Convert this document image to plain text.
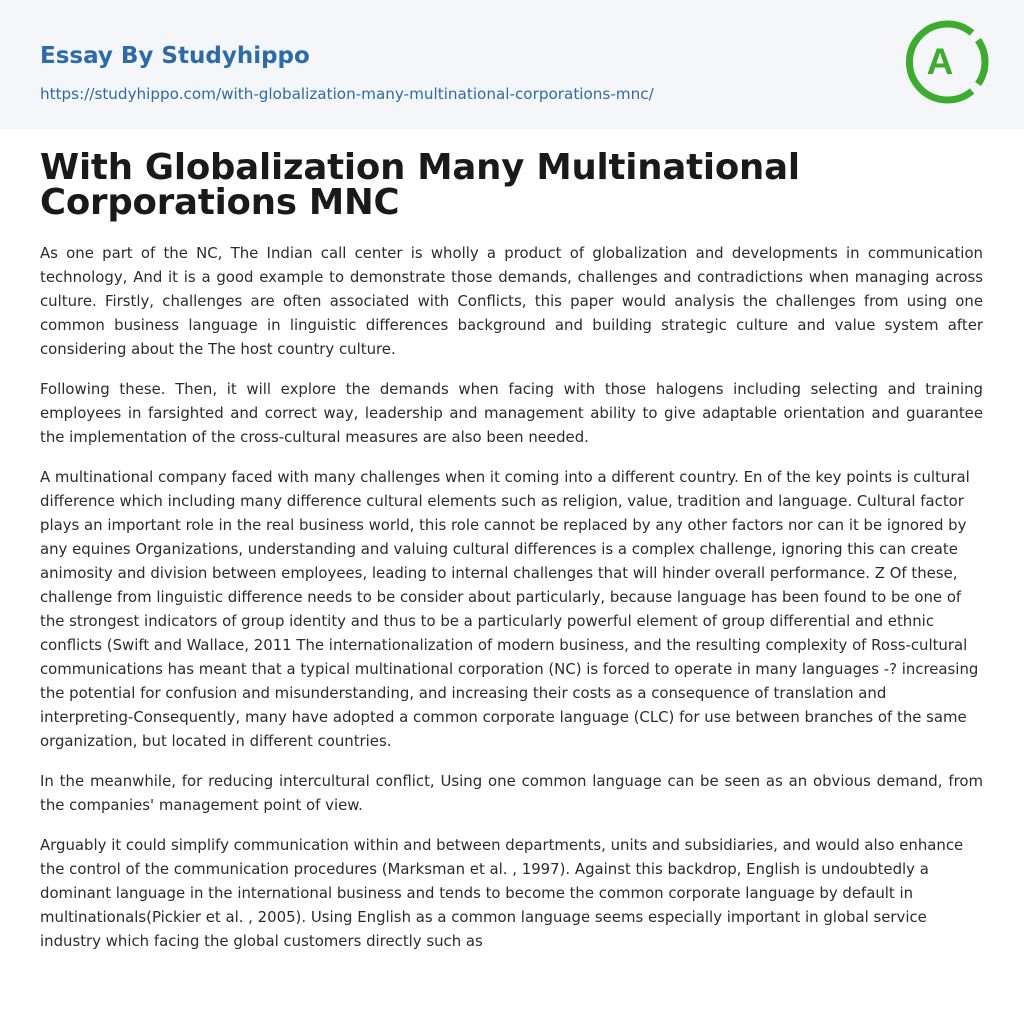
Essay By Studyhippo
https://studyhippo.com/with-globalization-many-multinational-corporations-mnc/
A
With Globalization Many Multinational Corporations MNC

As one part of the NC, The Indian call center is wholly a product of globalization and developments in communication technology, And it is a good example to demonstrate those demands, challenges and contradictions when managing across culture. Firstly, challenges are often associated with Conflicts, this paper would analysis the challenges from using one common business language in linguistic differences background and building strategic culture and value system after considering about the The host country culture.

Following these. Then, it will explore the demands when facing with those halogens including selecting and training employees in farsighted and correct way, leadership and management ability to give adaptable orientation and guarantee the implementation of the cross-cultural measures are also been needed.

A multinational company faced with many challenges when it coming into a different country. En of the key points is cultural difference which including many difference cultural elements such as religion, value, tradition and language. Cultural factor plays an important role in the real business world, this role cannot be replaced by any other factors nor can it be ignored by any equines Organizations, understanding and valuing cultural differences is a complex challenge, ignoring this can create animosity and division between employees, leading to internal challenges that will hinder overall performance. Z Of these, challenge from linguistic difference needs to be consider about particularly, because language has been found to be one of the strongest indicators of group identity and thus to be a particularly powerful element of group differential and ethnic conflicts (Swift and Wallace, 2011 The internationalization of modern business, and the resulting complexity of Ross-cultural communications has meant that a typical multinational corporation (NC) is forced to operate in many languages -? increasing the potential for confusion and misunderstanding, and increasing their costs as a consequence of translation and interpreting-Consequently, many have adopted a common corporate language (CLC) for use between branches of the same organization, but located in different countries.

In the meanwhile, for reducing intercultural conflict, Using one common language can be seen as an obvious demand, from the companies' management point of view.

Arguably it could simplify communication within and between departments, units and subsidiaries, and would also enhance the control of the communication procedures (Marksman et al. , 1997). Against this backdrop, English is undoubtedly a dominant language in the international business and tends to become the common corporate language by default in multinationals(Pickier et al. , 2005). Using English as a common language seems especially important in global service industry which facing the global customers directly such as
